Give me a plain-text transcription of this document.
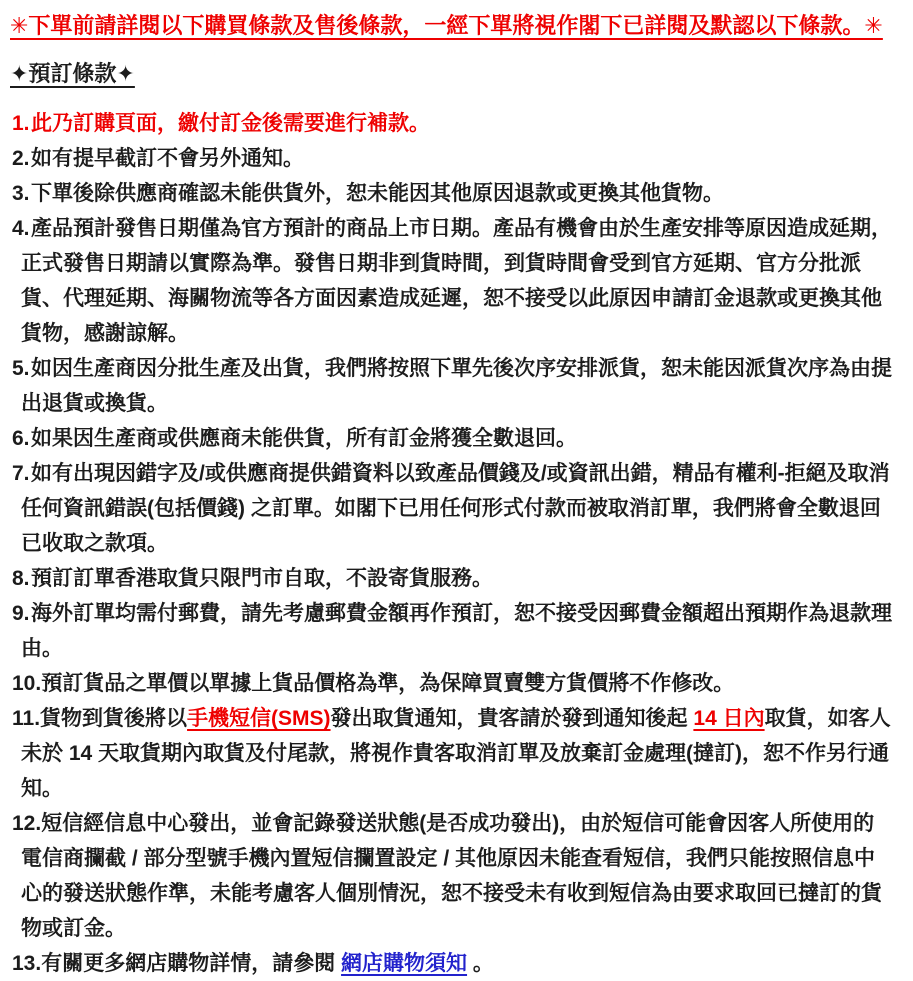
✳下單前請詳閱以下購買條款及售後條款，一經下單將視作閣下已詳閱及默認以下條款。✳
✦預訂條款✦
1.此乃訂購頁面，繳付訂金後需要進行補款。
2.如有提早截訂不會另外通知。
3.下單後除供應商確認未能供貨外，恕未能因其他原因退款或更換其他貨物。
4.產品預計發售日期僅為官方預計的商品上市日期。產品有機會由於生產安排等原因造成延期，正式發售日期請以實際為準。發售日期非到貨時間，到貨時間會受到官方延期、官方分批派貨、代理延期、海關物流等各方面因素造成延遲，恕不接受以此原因申請訂金退款或更換其他貨物，感謝諒解。
5.如因生產商因分批生產及出貨，我們將按照下單先後次序安排派貨，恕未能因派貨次序為由提出退貨或換貨。
6.如果因生產商或供應商未能供貨，所有訂金將獲全數退回。
7.如有出現因錯字及/或供應商提供錯資料以致產品價錢及/或資訊出錯，精品有權利-拒絕及取消任何資訊錯誤(包括價錢) 之訂單。如閣下已用任何形式付款而被取消訂單，我們將會全數退回已收取之款項。
8.預訂訂單香港取貨只限門市自取，不設寄貨服務。
9.海外訂單均需付郵費，請先考慮郵費金額再作預訂，恕不接受因郵費金額超出預期作為退款理由。
10.預訂貨品之單價以單據上貨品價格為準，為保障買賣雙方貨價將不作修改。
11.貨物到貨後將以手機短信(SMS)發出取貨通知，貴客請於發到通知後起 14 日內取貨，如客人未於 14 天取貨期內取貨及付尾款，將視作貴客取消訂單及放棄訂金處理(撻訂)，恕不作另行通知。
12.短信經信息中心發出，並會記錄發送狀態(是否成功發出)，由於短信可能會因客人所使用的電信商攔截 / 部分型號手機內置短信攔置設定 / 其他原因未能查看短信，我們只能按照信息中心的發送狀態作準，未能考慮客人個別情況，恕不接受未有收到短信為由要求取回已撻訂的貨物或訂金。
13.有關更多網店購物詳情，請參閱 網店購物須知 。
